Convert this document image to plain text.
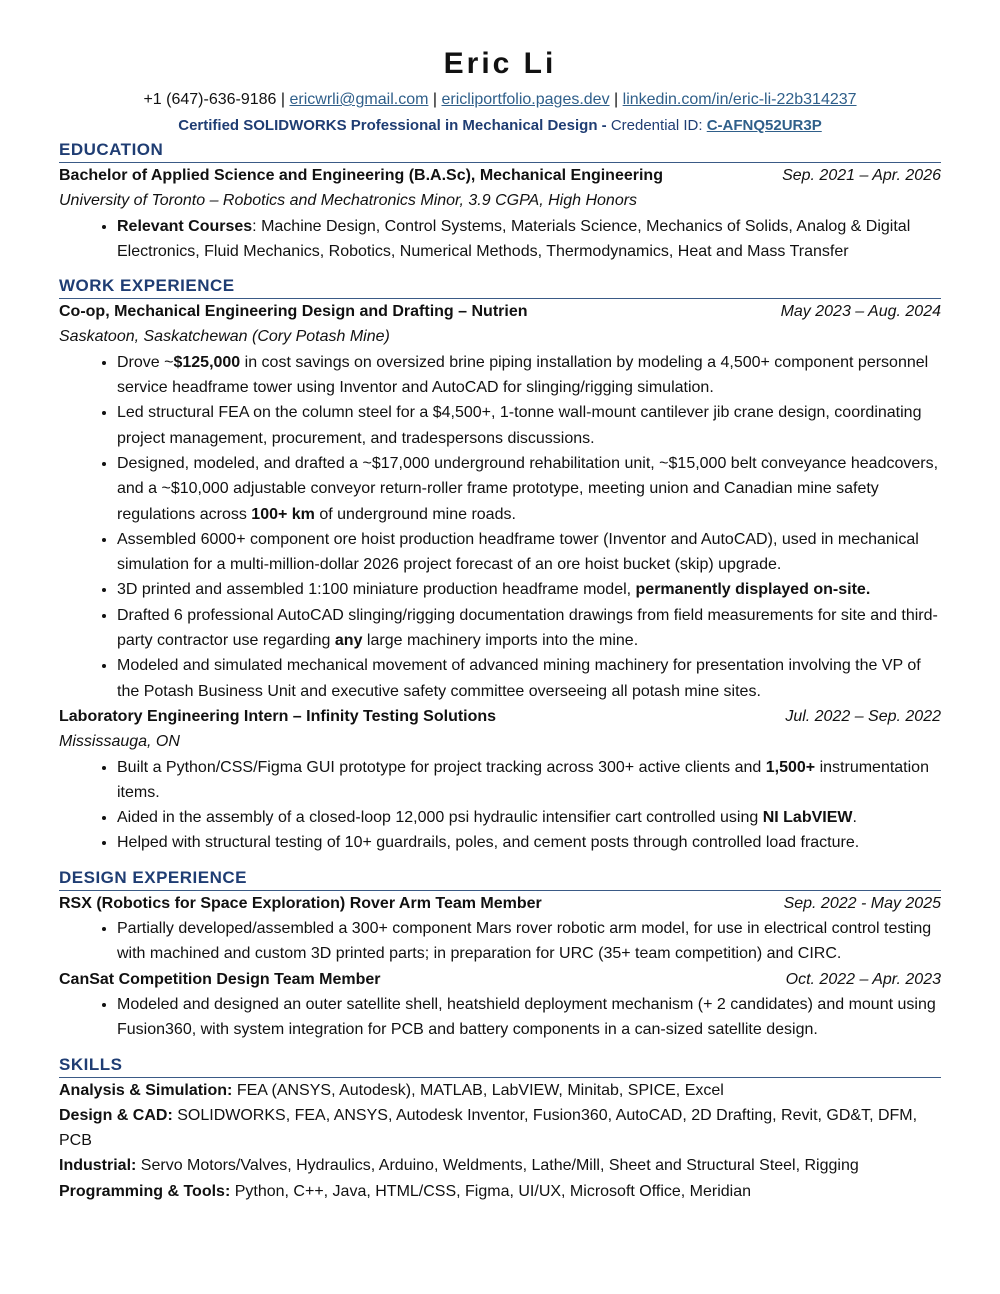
Eric Li
+1 (647)-636-9186 | ericwrli@gmail.com | ericliportfolio.pages.dev | linkedin.com/in/eric-li-22b314237
Certified SOLIDWORKS Professional in Mechanical Design - Credential ID: C-AFNQ52UR3P
EDUCATION
Bachelor of Applied Science and Engineering (B.A.Sc), Mechanical Engineering	Sep. 2021 – Apr. 2026
University of Toronto – Robotics and Mechatronics Minor, 3.9 CGPA, High Honors
• Relevant Courses: Machine Design, Control Systems, Materials Science, Mechanics of Solids, Analog & Digital Electronics, Fluid Mechanics, Robotics, Numerical Methods, Thermodynamics, Heat and Mass Transfer
WORK EXPERIENCE
Co-op, Mechanical Engineering Design and Drafting – Nutrien	May 2023 – Aug. 2024
Saskatoon, Saskatchewan (Cory Potash Mine)
• Drove ~$125,000 in cost savings on oversized brine piping installation by modeling a 4,500+ component personnel service headframe tower using Inventor and AutoCAD for slinging/rigging simulation.
• Led structural FEA on the column steel for a $4,500+, 1-tonne wall-mount cantilever jib crane design, coordinating project management, procurement, and tradespersons discussions.
• Designed, modeled, and drafted a ~$17,000 underground rehabilitation unit, ~$15,000 belt conveyance headcovers, and a ~$10,000 adjustable conveyor return-roller frame prototype, meeting union and Canadian mine safety regulations across 100+ km of underground mine roads.
• Assembled 6000+ component ore hoist production headframe tower (Inventor and AutoCAD), used in mechanical simulation for a multi-million-dollar 2026 project forecast of an ore hoist bucket (skip) upgrade.
• 3D printed and assembled 1:100 miniature production headframe model, permanently displayed on-site.
• Drafted 6 professional AutoCAD slinging/rigging documentation drawings from field measurements for site and third-party contractor use regarding any large machinery imports into the mine.
• Modeled and simulated mechanical movement of advanced mining machinery for presentation involving the VP of the Potash Business Unit and executive safety committee overseeing all potash mine sites.
Laboratory Engineering Intern – Infinity Testing Solutions	Jul. 2022 – Sep. 2022
Mississauga, ON
• Built a Python/CSS/Figma GUI prototype for project tracking across 300+ active clients and 1,500+ instrumentation items.
• Aided in the assembly of a closed-loop 12,000 psi hydraulic intensifier cart controlled using NI LabVIEW.
• Helped with structural testing of 10+ guardrails, poles, and cement posts through controlled load fracture.
DESIGN EXPERIENCE
RSX (Robotics for Space Exploration) Rover Arm Team Member	Sep. 2022 - May 2025
• Partially developed/assembled a 300+ component Mars rover robotic arm model, for use in electrical control testing with machined and custom 3D printed parts; in preparation for URC (35+ team competition) and CIRC.
CanSat Competition Design Team Member	Oct. 2022 – Apr. 2023
• Modeled and designed an outer satellite shell, heatshield deployment mechanism (+ 2 candidates) and mount using Fusion360, with system integration for PCB and battery components in a can-sized satellite design.
SKILLS
Analysis & Simulation: FEA (ANSYS, Autodesk), MATLAB, LabVIEW, Minitab, SPICE, Excel
Design & CAD: SOLIDWORKS, FEA, ANSYS, Autodesk Inventor, Fusion360, AutoCAD, 2D Drafting, Revit, GD&T, DFM, PCB
Industrial: Servo Motors/Valves, Hydraulics, Arduino, Weldments, Lathe/Mill, Sheet and Structural Steel, Rigging
Programming & Tools: Python, C++, Java, HTML/CSS, Figma, UI/UX, Microsoft Office, Meridian
